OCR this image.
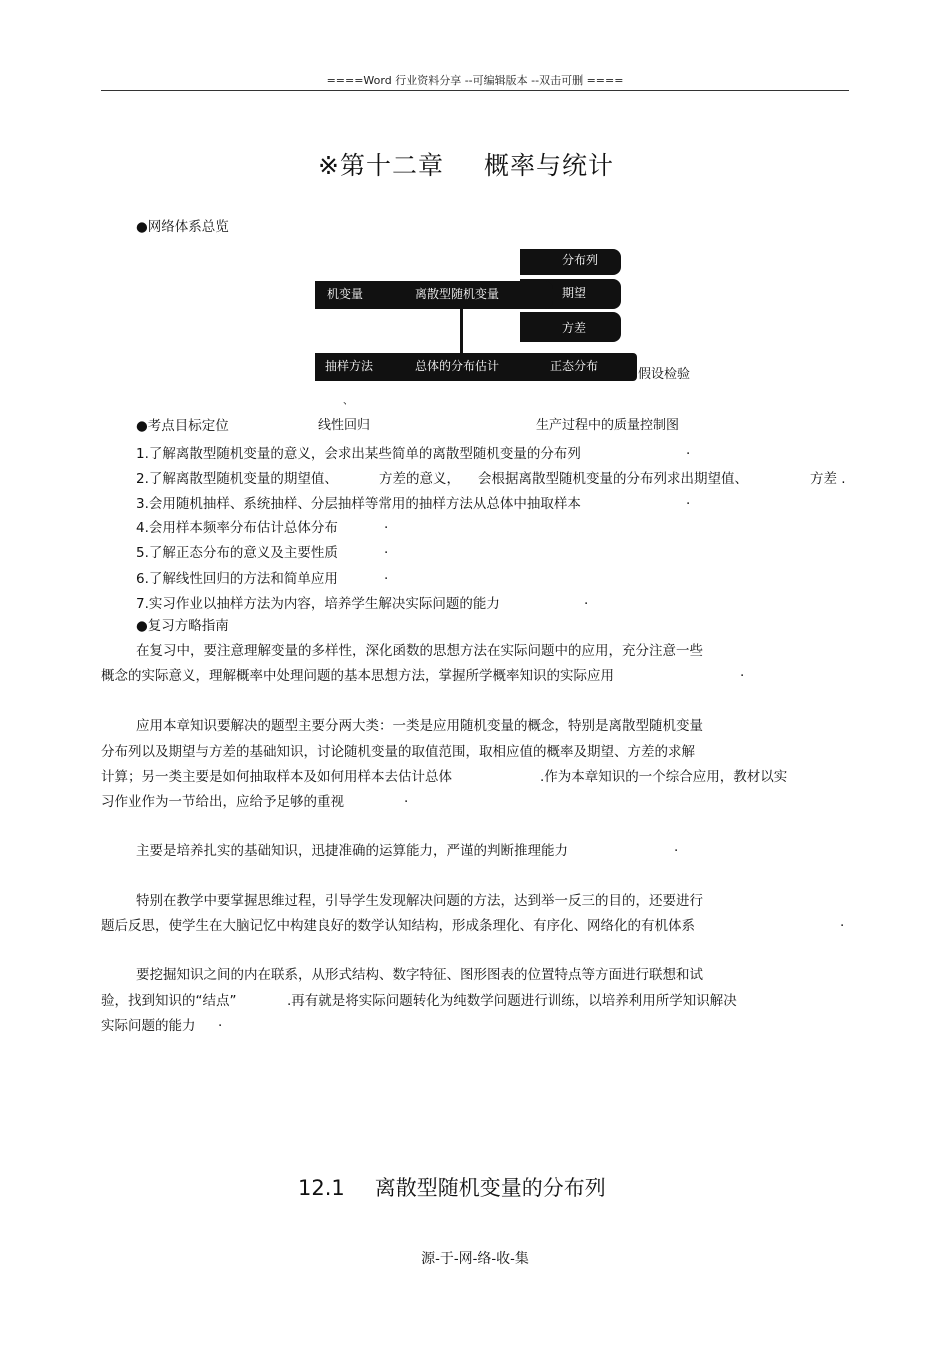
====Word 行业资料分享 --可编辑版本 --双击可删 ====
※第十二章 概率与统计
●网络体系总览
分布列
期望
方差
机变量	离散型随机变量
抽样方法	总体的分布估计	正态分布
假设检验
、
●考点目标定位	线性回归	生产过程中的质量控制图
1.了解离散型随机变量的意义，会求出某些简单的离散型随机变量的分布列	.
2.了解离散型随机变量的期望值、	方差的意义， 会根据离散型随机变量的分布列求出期望值、	方差 .
3.会用随机抽样、系统抽样、分层抽样等常用的抽样方法从总体中抽取样本	.
4.会用样本频率分布估计总体分布	.
5.了解正态分布的意义及主要性质	.
6.了解线性回归的方法和简单应用	.
7.实习作业以抽样方法为内容，培养学生解决实际问题的能力	.
●复习方略指南
在复习中，要注意理解变量的多样性，深化函数的思想方法在实际问题中的应用，充分注意一些
概念的实际意义，理解概率中处理问题的基本思想方法，掌握所学概率知识的实际应用	.
应用本章知识要解决的题型主要分两大类：一类是应用随机变量的概念，特别是离散型随机变量
分布列以及期望与方差的基础知识，讨论随机变量的取值范围，取相应值的概率及期望、方差的求解
计算；另一类主要是如何抽取样本及如何用样本去估计总体	.作为本章知识的一个综合应用，教材以实
习作业作为一节给出，应给予足够的重视	.
主要是培养扎实的基础知识，迅捷准确的运算能力，严谨的判断推理能力	.
特别在教学中要掌握思维过程，引导学生发现解决问题的方法，达到举一反三的目的，还要进行
题后反思，使学生在大脑记忆中构建良好的数学认知结构，形成条理化、有序化、网络化的有机体系	.
要挖掘知识之间的内在联系，从形式结构、数字特征、图形图表的位置特点等方面进行联想和试
验，找到知识的“结点”	.再有就是将实际问题转化为纯数学问题进行训练，以培养利用所学知识解决
实际问题的能力 .
12.1 离散型随机变量的分布列
源-于-网-络-收-集
